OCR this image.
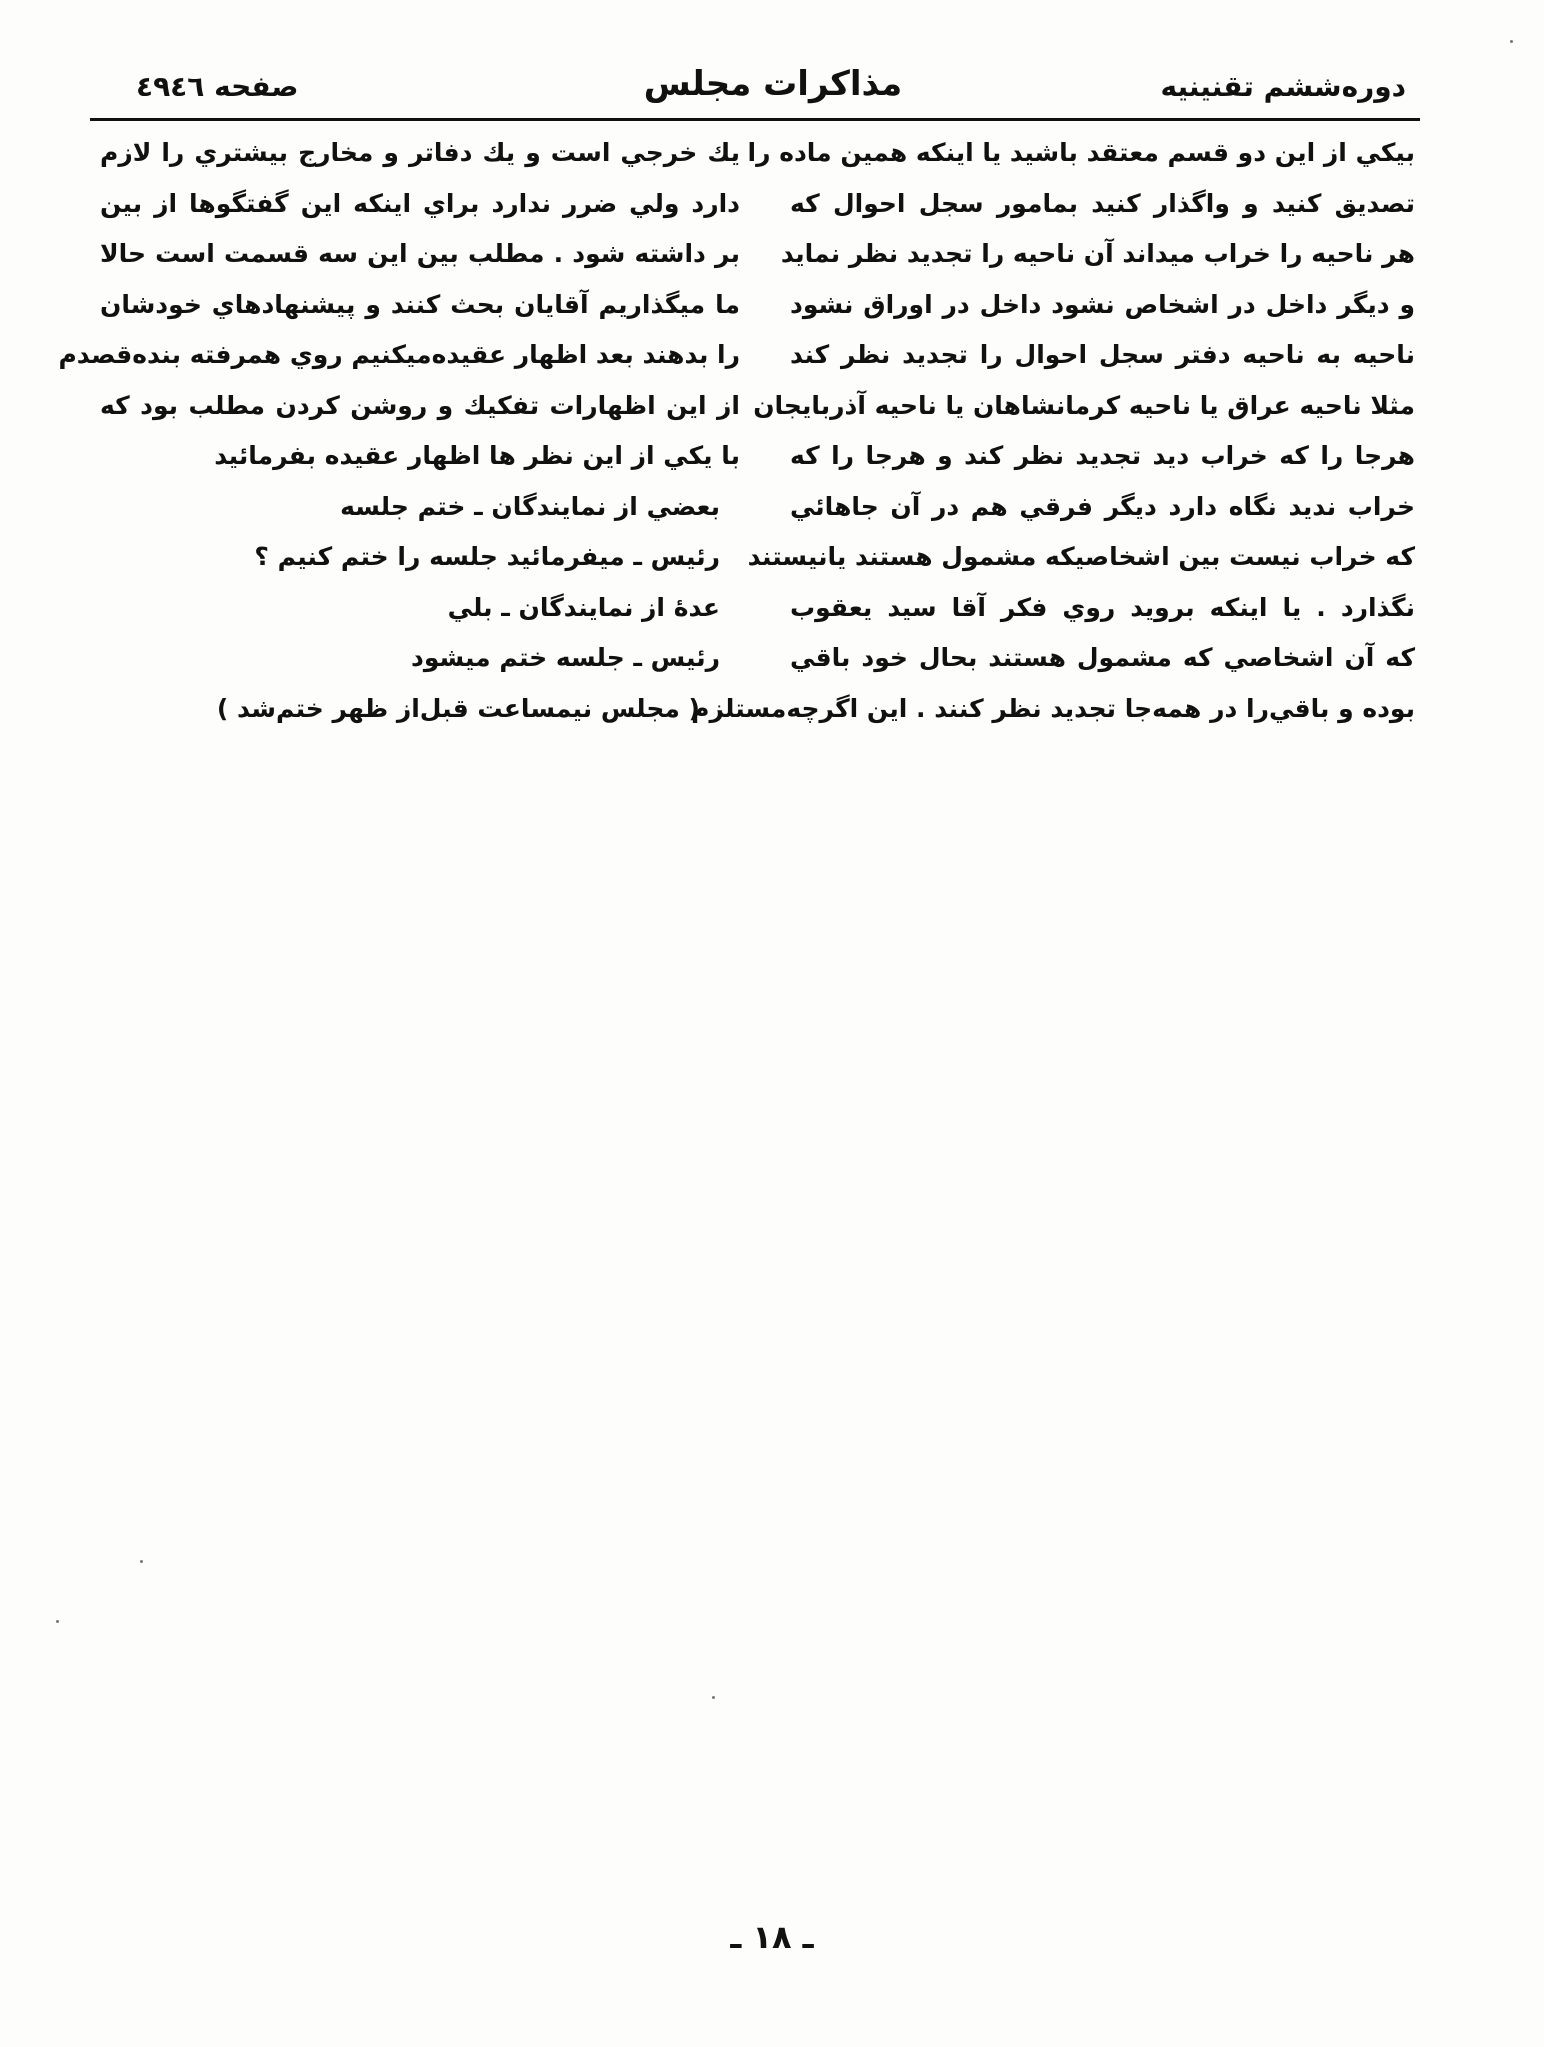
دوره‌ششم تقنينيه
مذاكرات مجلس
صفحه ٤٩٤٦
بيكي از اين دو قسم معتقد باشيد يا اينكه همين ماده را
تصديق كنيد و واگذار كنيد بمامور سجل احوال كه
هر ناحيه را خراب ميداند آن ناحيه را تجديد نظر نمايد
و ديگر داخل در اشخاص نشود داخل در اوراق نشود
ناحيه به ناحيه دفتر سجل احوال را تجديد نظر كند
مثلا ناحيه عراق يا ناحيه كرمانشاهان يا ناحيه آذربايجان
هرجا را كه خراب ديد تجديد نظر كند و هرجا را كه
خراب نديد نگاه دارد ديگر فرقي هم در آن جاهائي
كه خراب نيست بين اشخاصيكه مشمول هستند يانيستند
نگذارد . يا اينكه برويد روي فكر آقا سيد يعقوب
كه آن اشخاصي كه مشمول هستند بحال خود باقي
بوده و باقي‌را در همه‌جا تجديد نظر كنند . اين اگرچه‌مستلزم
يك خرجي است و يك دفاتر و مخارج بيشتري را لازم
دارد ولي ضرر ندارد براي اينكه اين گفتگوها از بين
بر داشته شود . مطلب بين اين سه قسمت است حالا
ما ميگذاريم آقايان بحث كنند و پيشنهادهاي خودشان
را بدهند بعد اظهار عقيده‌ميكنيم روي همرفته بنده‌قصدم
از اين اظهارات تفكيك و روشن كردن مطلب بود كه
با يكي از اين نظر ها اظهار عقيده بفرمائيد
بعضي از نمايندگان ـ ختم جلسه
رئيس ـ ميفرمائيد جلسه را ختم كنيم ؟
عدهٔ از نمايندگان ـ بلي
رئيس ـ جلسه ختم ميشود
( مجلس نيمساعت قبل‌از ظهر ختم‌شد )
ـ ١٨ ـ
